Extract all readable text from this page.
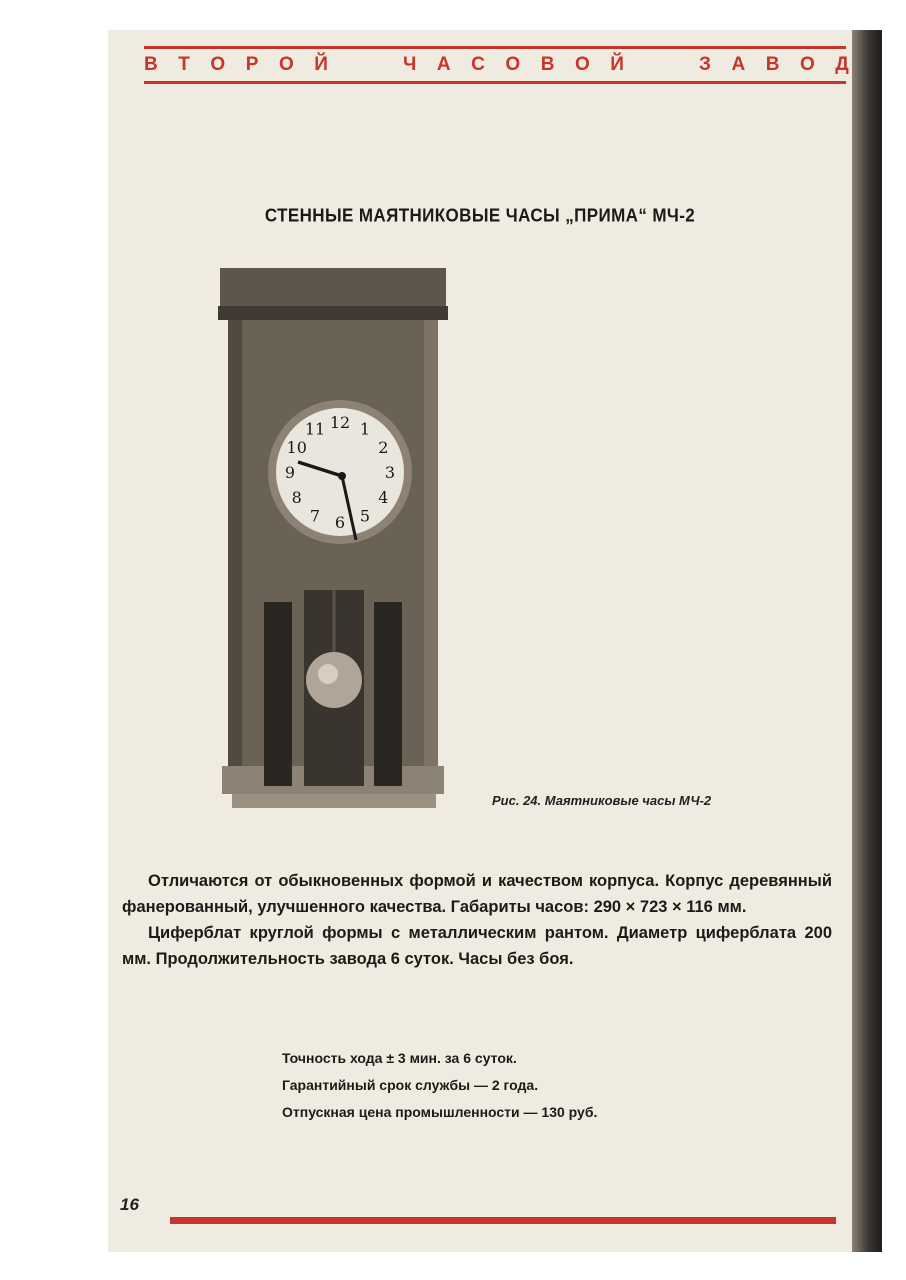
В Т О Р О Й	Ч А С О В О Й	З А В О Д
СТЕННЫЕ МАЯТНИКОВЫЕ ЧАСЫ „ПРИМА“ МЧ-2
12 1
2
3
4
5
6
7
8
9
10
11
Рис. 24. Маятниковые часы МЧ-2

Отличаются от обыкновенных формой и качеством корпуса. Корпус деревянный фанерованный, улучшенного качества. Габариты часов: 290 × 723 × 116 мм.

Циферблат круглой формы с металлическим рантом. Диаметр циферблата 200 мм. Продолжительность завода 6 суток. Часы без боя.

Точность хода ± 3 мин. за 6 суток.
Гарантийный срок службы — 2 года.
Отпускная цена промышленности — 130 руб.
16
